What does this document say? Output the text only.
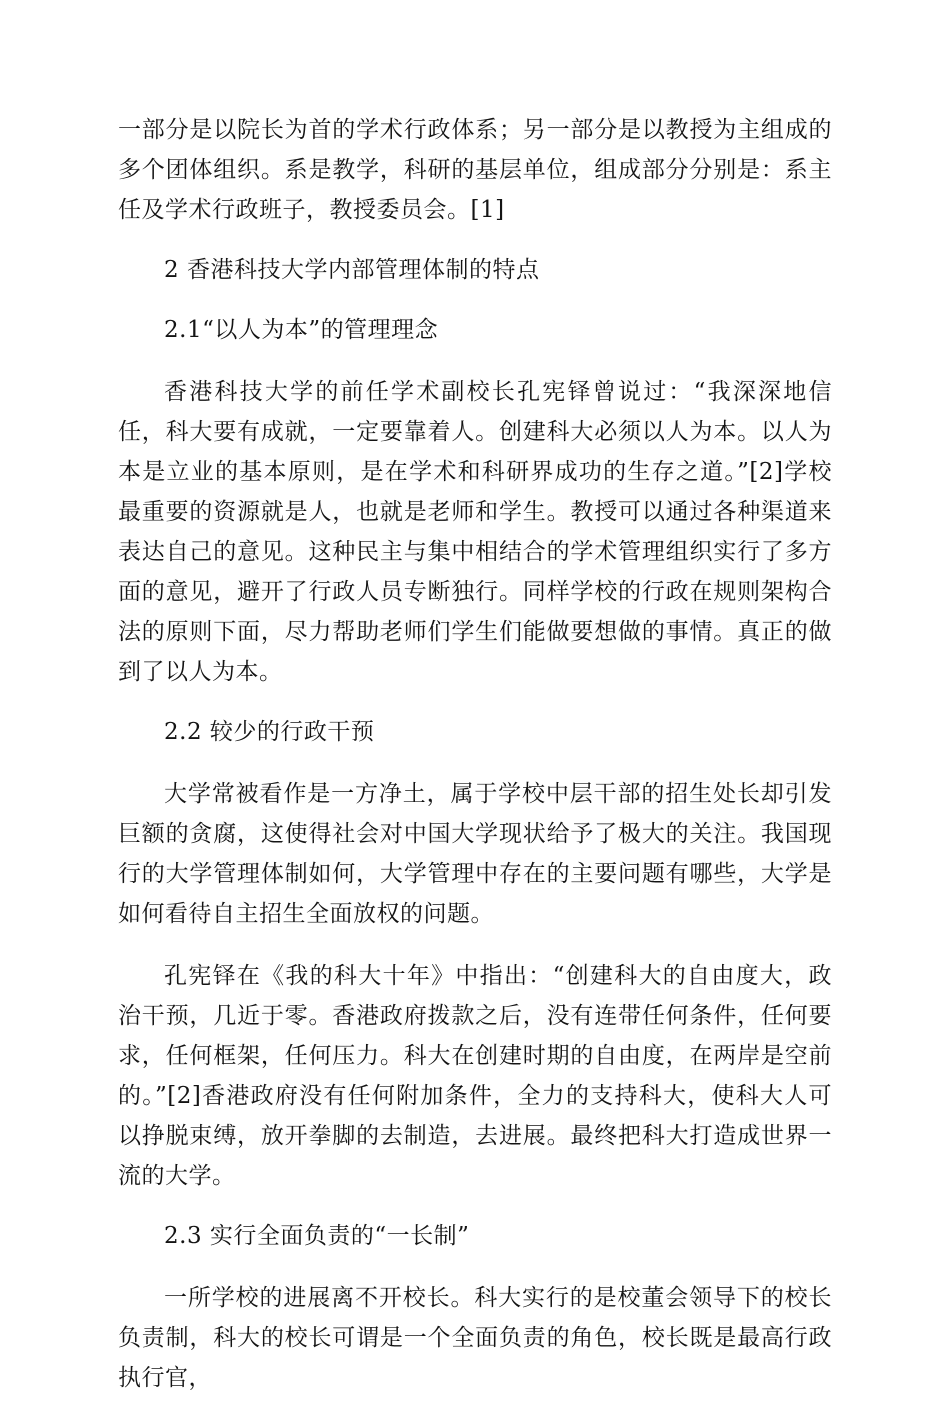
一部分是以院长为首的学术行政体系；另一部分是以教授为主组成的多个团体组织。系是教学，科研的基层单位，组成部分分别是：系主任及学术行政班子，教授委员会。[1]

2 香港科技大学内部管理体制的特点

2.1“以人为本”的管理理念

香港科技大学的前任学术副校长孔宪铎曾说过：“我深深地信任，科大要有成就，一定要靠着人。创建科大必须以人为本。以人为本是立业的基本原则，是在学术和科研界成功的生存之道。”[2]学校最重要的资源就是人，也就是老师和学生。教授可以通过各种渠道来表达自己的意见。这种民主与集中相结合的学术管理组织实行了多方面的意见，避开了行政人员专断独行。同样学校的行政在规则架构合法的原则下面，尽力帮助老师们学生们能做要想做的事情。真正的做到了以人为本。

2.2 较少的行政干预

大学常被看作是一方净土，属于学校中层干部的招生处长却引发巨额的贪腐，这使得社会对中国大学现状给予了极大的关注。我国现行的大学管理体制如何，大学管理中存在的主要问题有哪些，大学是如何看待自主招生全面放权的问题。

孔宪铎在《我的科大十年》中指出：“创建科大的自由度大，政治干预，几近于零。香港政府拨款之后，没有连带任何条件，任何要求，任何框架，任何压力。科大在创建时期的自由度，在两岸是空前的。”[2]香港政府没有任何附加条件，全力的支持科大，使科大人可以挣脱束缚，放开拳脚的去制造，去进展。最终把科大打造成世界一流的大学。

2.3 实行全面负责的“一长制”

一所学校的进展离不开校长。科大实行的是校董会领导下的校长负责制，科大的校长可谓是一个全面负责的角色，校长既是最高行政执行官，
